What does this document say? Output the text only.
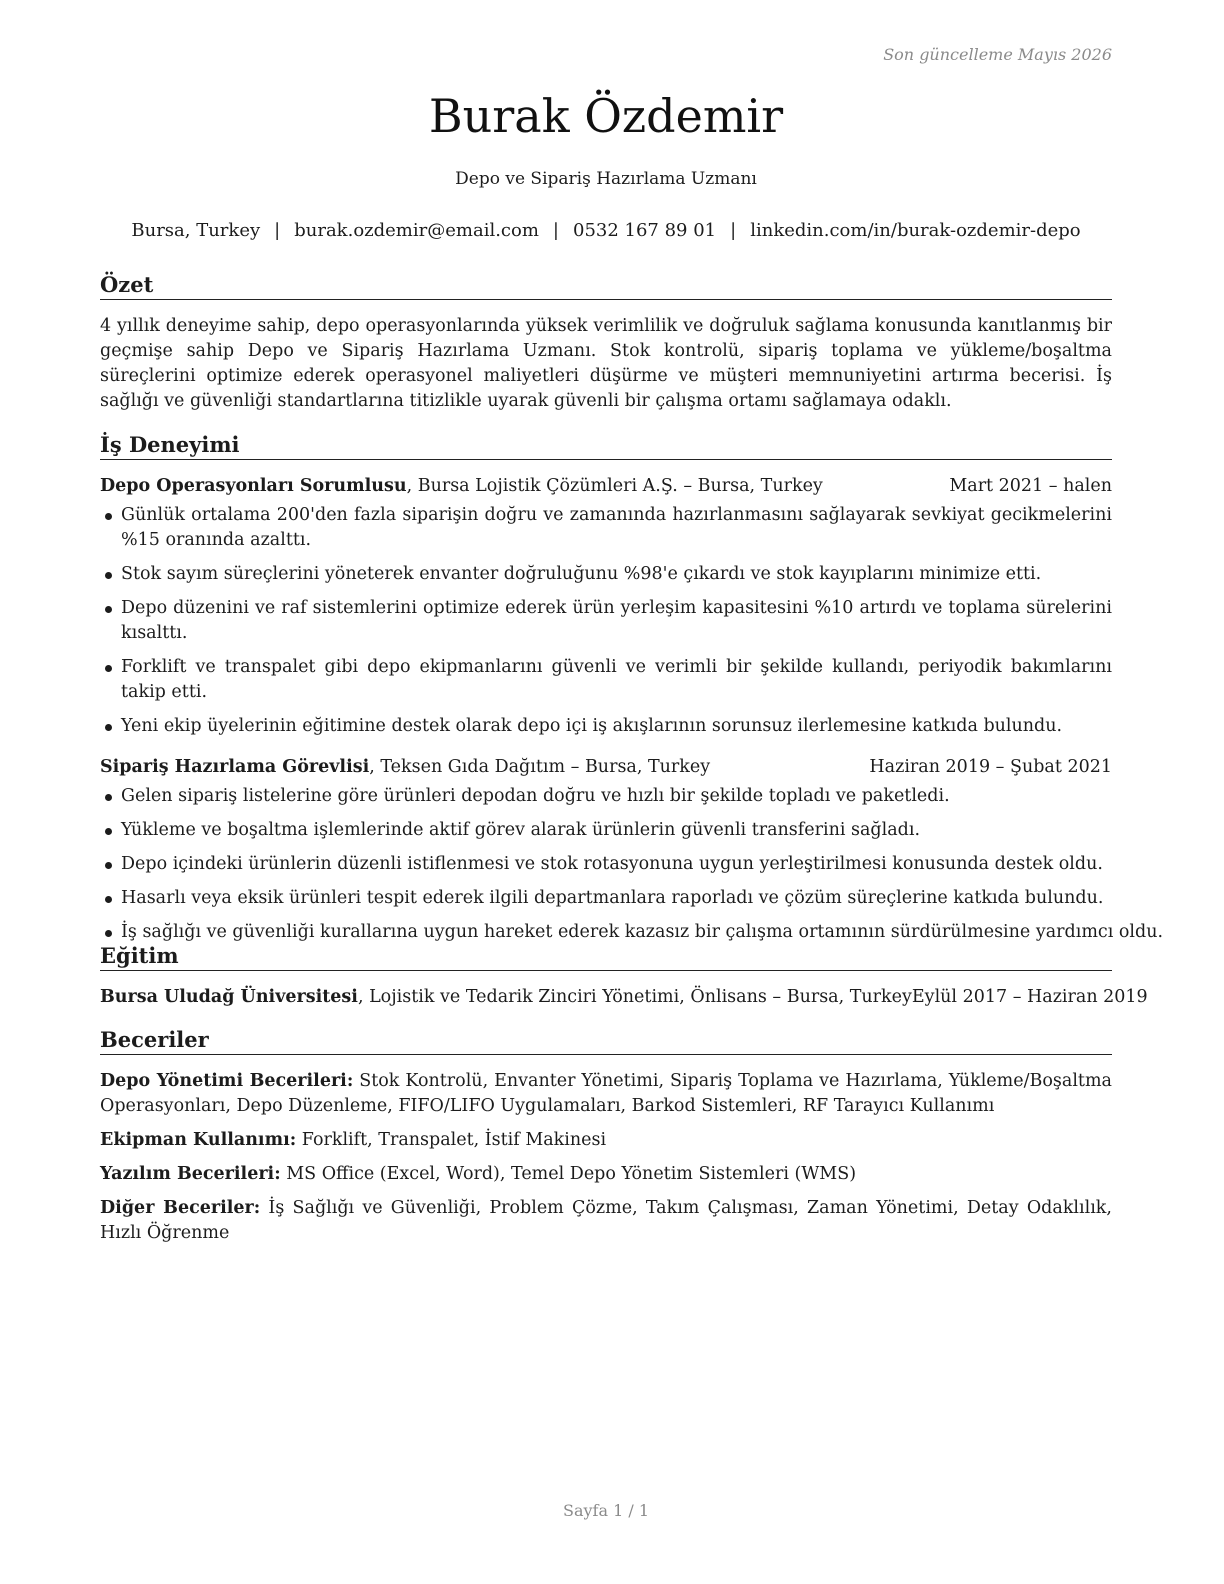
Son güncelleme Mayıs 2026
Burak Özdemir
Depo ve Sipariş Hazırlama Uzmanı
Bursa, Turkey | burak.ozdemir@email.com | 0532 167 89 01 | linkedin.com/in/burak-ozdemir-depo
Özet

4 yıllık deneyime sahip, depo operasyonlarında yüksek verimlilik ve doğruluk sağlama konusunda kanıtlanmış bir geçmişe sahip Depo ve Sipariş Hazırlama Uzmanı. Stok kontrolü, sipariş toplama ve yükleme/boşaltma süreçlerini optimize ederek operasyonel maliyetleri düşürme ve müşteri memnuniyetini artırma becerisi. İş sağlığı ve güvenliği standartlarına titizlikle uyarak güvenli bir çalışma ortamı sağlamaya odaklı.

İş Deneyimi
Depo Operasyonları Sorumlusu, Bursa Lojistik Çözümleri A.Ş. – Bursa, Turkey	Mart 2021 – halen
Günlük ortalama 200'den fazla siparişin doğru ve zamanında hazırlanmasını sağlayarak sevkiyat gecikmelerini %15 oranında azalttı.
Stok sayım süreçlerini yöneterek envanter doğruluğunu %98'e çıkardı ve stok kayıplarını minimize etti.
Depo düzenini ve raf sistemlerini optimize ederek ürün yerleşim kapasitesini %10 artırdı ve toplama sürelerini kısalttı.
Forklift ve transpalet gibi depo ekipmanlarını güvenli ve verimli bir şekilde kullandı, periyodik bakımlarını takip etti.
Yeni ekip üyelerinin eğitimine destek olarak depo içi iş akışlarının sorunsuz ilerlemesine katkıda bulundu.
Sipariş Hazırlama Görevlisi, Teksen Gıda Dağıtım – Bursa, Turkey	Haziran 2019 – Şubat 2021
Gelen sipariş listelerine göre ürünleri depodan doğru ve hızlı bir şekilde topladı ve paketledi.
Yükleme ve boşaltma işlemlerinde aktif görev alarak ürünlerin güvenli transferini sağladı.
Depo içindeki ürünlerin düzenli istiflenmesi ve stok rotasyonuna uygun yerleştirilmesi konusunda destek oldu.
Hasarlı veya eksik ürünleri tespit ederek ilgili departmanlara raporladı ve çözüm süreçlerine katkıda bulundu.
İş sağlığı ve güvenliği kurallarına uygun hareket ederek kazasız bir çalışma ortamının sürdürülmesine yardımcı oldu.
Eğitim
Bursa Uludağ Üniversitesi, Lojistik ve Tedarik Zinciri Yönetimi, Önlisans – Bursa, Turkey Eylül 2017 – Haziran 2019
Beceriler

Depo Yönetimi Becerileri: Stok Kontrolü, Envanter Yönetimi, Sipariş Toplama ve Hazırlama, Yükleme/Boşaltma Operasyonları, Depo Düzenleme, FIFO/LIFO Uygulamaları, Barkod Sistemleri, RF Tarayıcı Kullanımı

Ekipman Kullanımı: Forklift, Transpalet, İstif Makinesi

Yazılım Becerileri: MS Office (Excel, Word), Temel Depo Yönetim Sistemleri (WMS)

Diğer Beceriler: İş Sağlığı ve Güvenliği, Problem Çözme, Takım Çalışması, Zaman Yönetimi, Detay Odaklılık, Hızlı Öğrenme

Sayfa 1 / 1
